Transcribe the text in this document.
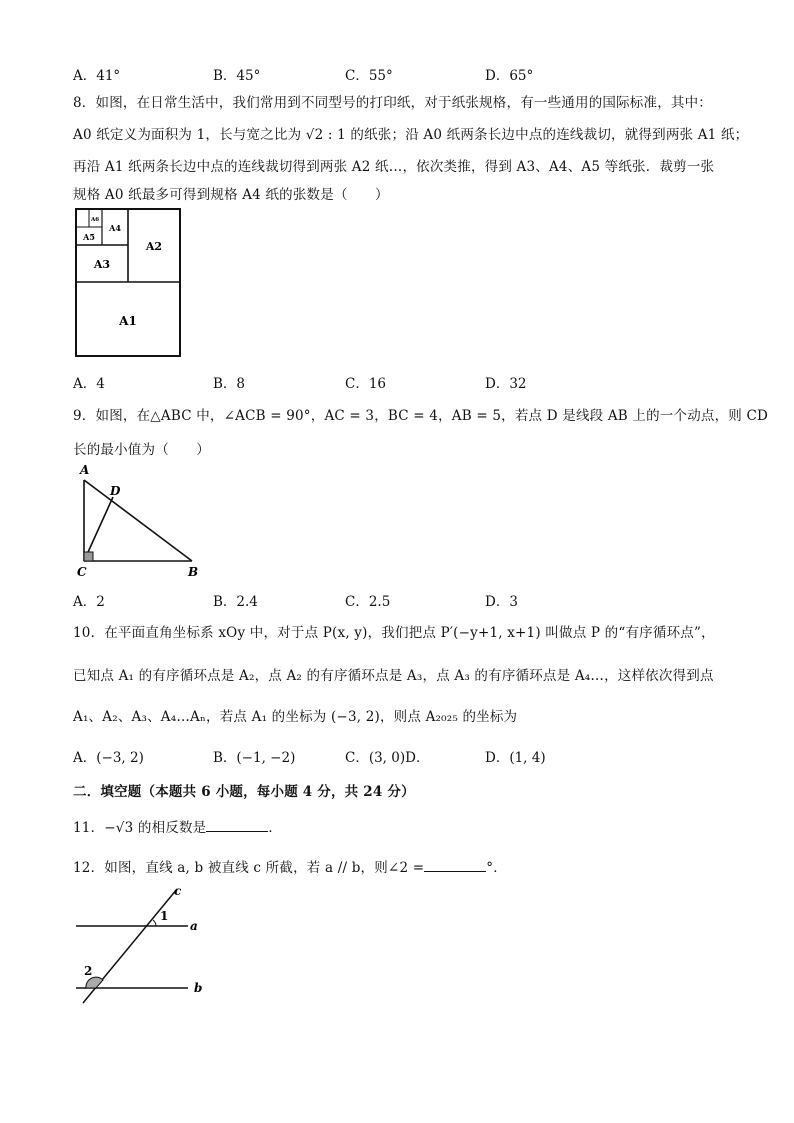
A．41°	B．45°	C．55°	D．65°
8．如图，在日常生活中，我们常用到不同型号的打印纸，对于纸张规格，有一些通用的国际标准，其中：
A0 纸定义为面积为 1，长与宽之比为 √2 : 1 的纸张；沿 A0 纸两条长边中点的连线裁切，就得到两张 A1 纸；
再沿 A1 纸两条长边中点的连线裁切得到两张 A2 纸…，依次类推，得到 A3、A4、A5 等纸张．裁剪一张
规格 A0 纸最多可得到规格 A4 纸的张数是（　　）
A1
A2
A3
A4
A5
A6
A．4	B．8	C．16	D．32
9．如图，在△ABC 中，∠ACB = 90°，AC = 3，BC = 4，AB = 5，若点 D 是线段 AB 上的一个动点，则 CD
长的最小值为（　　）
A
B
C
D
A．2	B．2.4	C．2.5	D．3
10．在平面直角坐标系 xOy 中，对于点 P(x, y)，我们把点 P′(−y+1, x+1) 叫做点 P 的“有序循环点”，
已知点 A₁ 的有序循环点是 A₂，点 A₂ 的有序循环点是 A₃，点 A₃ 的有序循环点是 A₄…，这样依次得到点
A₁、A₂、A₃、A₄…Aₙ，若点 A₁ 的坐标为 (−3, 2)，则点 A₂₀₂₅ 的坐标为
A．(−3, 2)	B．(−1, −2)	C．(3, 0)D．	D．(1, 4)
二．填空题（本题共 6 小题，每小题 4 分，共 24 分）
11．−√3 的相反数是	．
12．如图，直线 a, b 被直线 c 所截，若 a // b，则∠2 =	°．
c
a
b
1
2
